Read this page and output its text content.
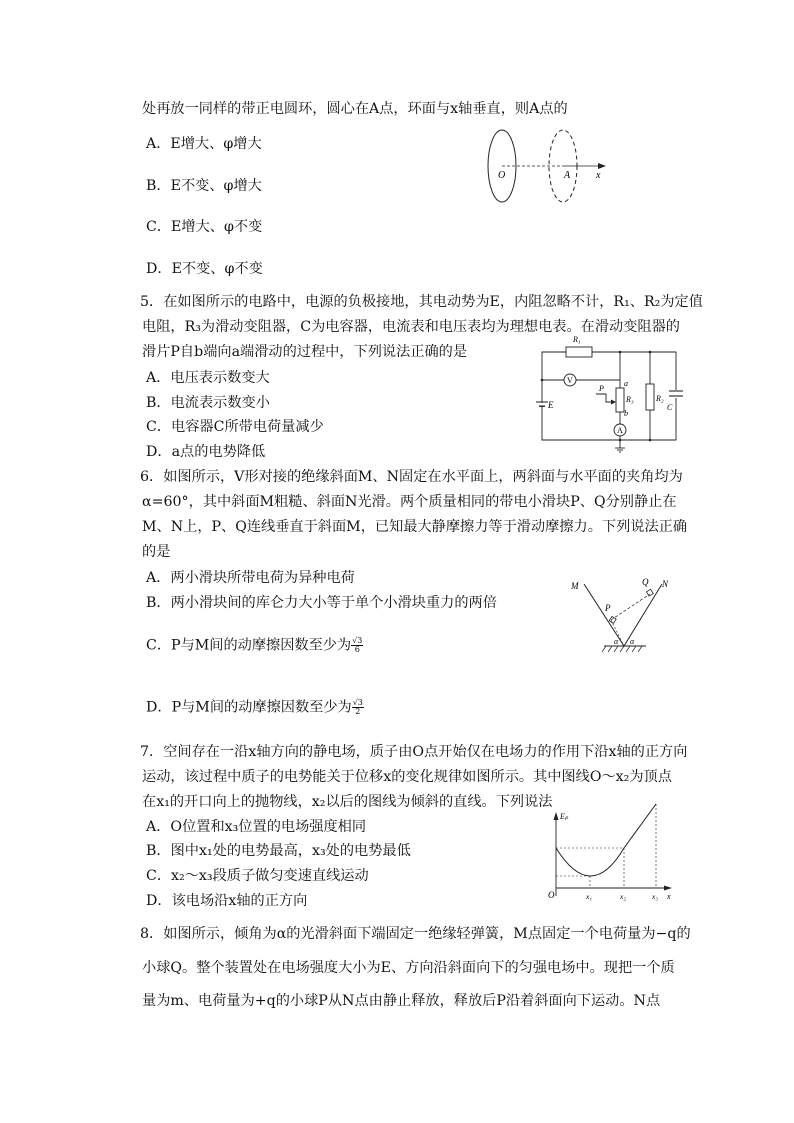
处再放一同样的带正电圆环，圆心在A点，环面与x轴垂直，则A点的
A．E增大、φ增大
B．E不变、φ增大
C．E增大、φ不变
D．E不变、φ不变
O	A	x
5．在如图所示的电路中，电源的负极接地，其电动势为E，内阻忽略不计，R₁、R₂为定值
电阻，R₃为滑动变阻器，C为电容器，电流表和电压表均为理想电表。在滑动变阻器的
滑片P自b端向a端滑动的过程中，下列说法正确的是
A．电压表示数变大
B．电流表示数变小
C．电容器C所带电荷量减少
D．a点的电势降低
R₁
E
V
R₃
a
b
P
A
R₂
C
6．如图所示，V形对接的绝缘斜面M、N固定在水平面上，两斜面与水平面的夹角均为
α=60°，其中斜面M粗糙、斜面N光滑。两个质量相同的带电小滑块P、Q分别静止在
M、N上，P、Q连线垂直于斜面M，已知最大静摩擦力等于滑动摩擦力。下列说法正确
的是
A．两小滑块所带电荷为异种电荷
B．两小滑块间的库仑力大小等于单个小滑块重力的两倍
C．P与M间的动摩擦因数至少为 $\frac{√3}{6}$
D．P与M间的动摩擦因数至少为 $\frac{√3}{2}$
M	N
P
Q
α α
7．空间存在一沿x轴方向的静电场，质子由O点开始仅在电场力的作用下沿x轴的正方向
运动，该过程中质子的电势能关于位移x的变化规律如图所示。其中图线O～x₂为顶点
在x₁的开口向上的抛物线，x₂以后的图线为倾斜的直线。下列说法
A．O位置和x₃位置的电场强度相同
B．图中x₁处的电势最高，x₃处的电势最低
C．x₂～x₃段质子做匀变速直线运动
D．该电场沿x轴的正方向
Eₚ
O	x₁	x₂	x₃ x
8．如图所示，倾角为α的光滑斜面下端固定一绝缘轻弹簧，M点固定一个电荷量为−q的
小球Q。整个装置处在电场强度大小为E、方向沿斜面向下的匀强电场中。现把一个质
量为m、电荷量为+q的小球P从N点由静止释放，释放后P沿着斜面向下运动。N点
